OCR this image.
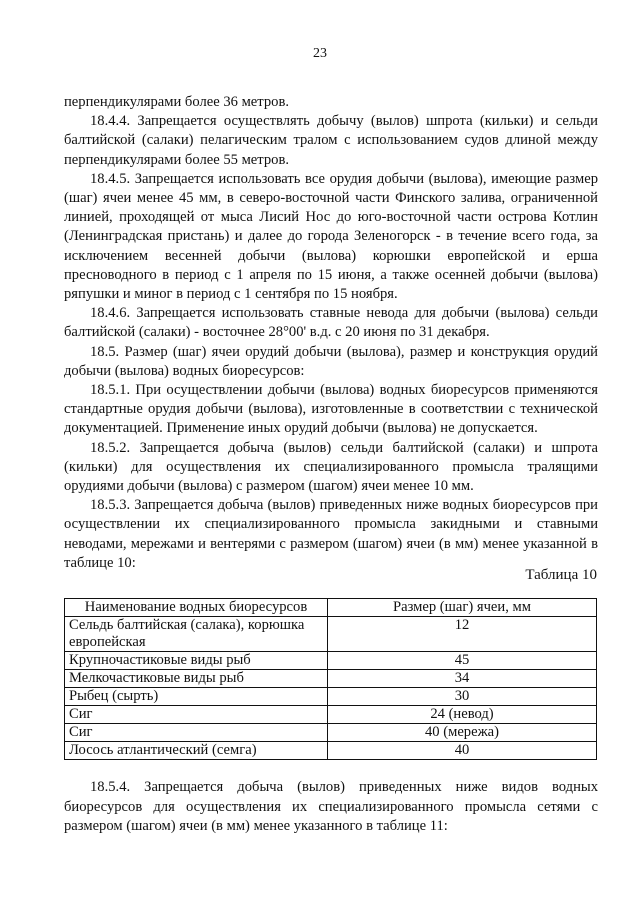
23

перпендикулярами более 36 метров.

18.4.4. Запрещается осуществлять добычу (вылов) шпрота (кильки) и сельди балтийской (салаки) пелагическим тралом с использованием судов длиной между перпендикулярами более 55 метров.

18.4.5. Запрещается использовать все орудия добычи (вылова), имеющие размер (шаг) ячеи менее 45 мм, в северо-восточной части Финского залива, ограниченной линией, проходящей от мыса Лисий Нос до юго-восточной части острова Котлин (Ленинградская пристань) и далее до города Зеленогорск - в течение всего года, за исключением весенней добычи (вылова) корюшки европейской и ерша пресноводного в период с 1 апреля по 15 июня, а также осенней добычи (вылова) ряпушки и миног в период с 1 сентября по 15 ноября.

18.4.6. Запрещается использовать ставные невода для добычи (вылова) сельди балтийской (салаки) - восточнее 28°00' в.д. с 20 июня по 31 декабря.

18.5. Размер (шаг) ячеи орудий добычи (вылова), размер и конструкция орудий добычи (вылова) водных биоресурсов:

18.5.1. При осуществлении добычи (вылова) водных биоресурсов применяются стандартные орудия добычи (вылова), изготовленные в соответствии с технической документацией. Применение иных орудий добычи (вылова) не допускается.

18.5.2. Запрещается добыча (вылов) сельди балтийской (салаки) и шпрота (кильки) для осуществления их специализированного промысла тралящими орудиями добычи (вылова) с размером (шагом) ячеи менее 10 мм.

18.5.3. Запрещается добыча (вылов) приведенных ниже водных биоресурсов при осуществлении их специализированного промысла закидными и ставными неводами, мережами и вентерями с размером (шагом) ячеи (в мм) менее указанной в таблице 10:

Таблица 10
Наименование водных биоресурсов	Размер (шаг) ячеи, мм
Сельдь балтийская (салака), корюшка европейская	12
Крупночастиковые виды рыб	45
Мелкочастиковые виды рыб	34
Рыбец (сырть)	30
Сиг	24 (невод)
Сиг	40 (мережа)
Лосось атлантический (семга)	40

18.5.4. Запрещается добыча (вылов) приведенных ниже видов водных биоресурсов для осуществления их специализированного промысла сетями с размером (шагом) ячеи (в мм) менее указанного в таблице 11:
